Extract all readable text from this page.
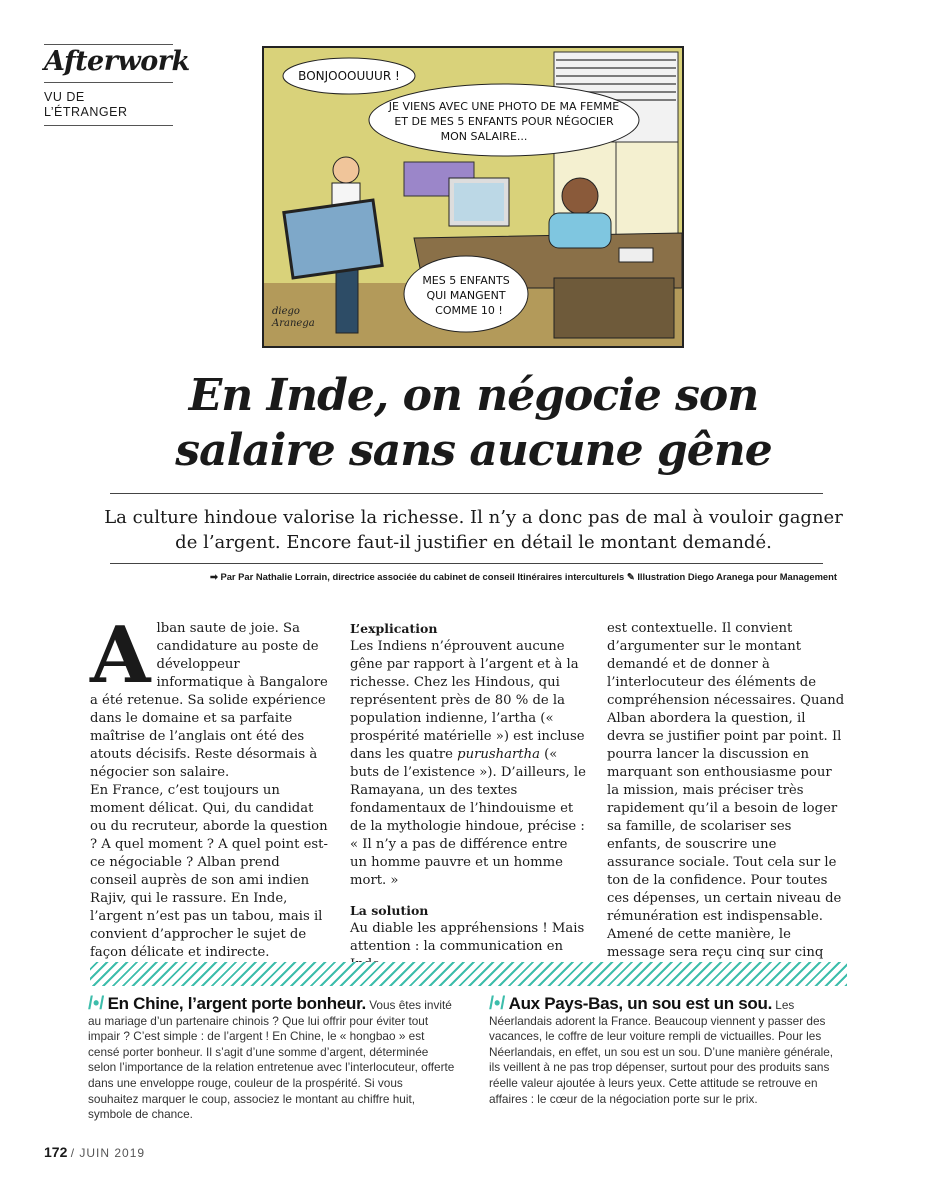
Afterwork
VU DE
L’ÉTRANGER
BONJOOOUUUR !
JE VIENS AVEC UNE PHOTO DE MA FEMME
ET DE MES 5 ENFANTS POUR NÉGOCIER
MON SALAIRE...
MES 5 ENFANTS
QUI MANGENT
COMME 10 !
diego
Aranega
En Inde, on négocie son
salaire sans aucune gêne
La culture hindoue valorise la richesse. Il n’y a donc pas de mal à vouloir gagner de l’argent. Encore faut-il justifier en détail le montant demandé.
➡ Par Par Nathalie Lorrain, directrice associée du cabinet de conseil Itinéraires interculturels ✎ Illustration Diego Aranega pour Management
A lban saute de joie. Sa candidature au poste de développeur informatique à Bangalore a été retenue. Sa solide expérience dans le domaine et sa parfaite maîtrise de l’anglais ont été des atouts décisifs. Reste désormais à négocier son salaire.

En France, c’est toujours un moment délicat. Qui, du candidat ou du recruteur, aborde la question ? A quel moment ? A quel point est-ce négociable ? Alban prend conseil auprès de son ami indien Rajiv, qui le rassure. En Inde, l’argent n’est pas un tabou, mais il convient d’approcher le sujet de façon délicate et indirecte.

L’explication

Les Indiens n’éprouvent aucune gêne par rapport à l’argent et à la richesse. Chez les Hindous, qui représentent près de 80 % de la population indienne, l’artha (« prospérité matérielle ») est incluse dans les quatre purushartha (« buts de l’existence »). D’ailleurs, le Ramayana, un des textes fondamentaux de l’hindouisme et de la mythologie hindoue, précise : « Il n’y a pas de différence entre un homme pauvre et un homme mort. »

La solution

Au diable les appréhensions ! Mais attention : la communication en

est contextuelle. Il convient d’argumenter sur le montant demandé et de donner à l’interlocuteur des éléments de compréhension nécessaires. Quand Alban abordera la question, il devra se justifier point par point. Il pourra lancer la discussion en marquant son enthousiasme pour la mission, mais préciser très rapidement qu’il a besoin de loger sa famille, de scolariser ses enfants, de souscrire une assurance sociale. Tout cela sur le ton de la confidence. Pour toutes ces dépenses, un certain niveau de rémunération est indispensable. Amené de cette manière, le message sera reçu cinq sur cinq

/•/ En Chine, l’argent porte bonheur. Vous êtes invité au mariage d’un partenaire chinois ? Que lui offrir pour éviter tout impair ? C’est simple : de l’argent ! En Chine, le « hongbao » est censé porter bonheur. Il s’agit d’une somme d’argent, déterminée selon l’importance de la relation entretenue avec l’interlocuteur, offerte dans une enveloppe rouge, couleur de la prospérité. Si vous souhaitez marquer le coup, associez le montant au chiffre huit, symbole de chance.
/•/ Aux Pays-Bas, un sou est un sou. Les Néerlandais adorent la France. Beaucoup viennent y passer des vacances, le coffre de leur voiture rempli de victuailles. Pour les Néerlandais, en effet, un sou est un sou. D’une manière générale, ils veillent à ne pas trop dépenser, surtout pour des produits sans réelle valeur ajoutée à leurs yeux. Cette attitude se retrouve en affaires : le cœur de la négociation porte sur le prix.
172 / JUIN 2019
